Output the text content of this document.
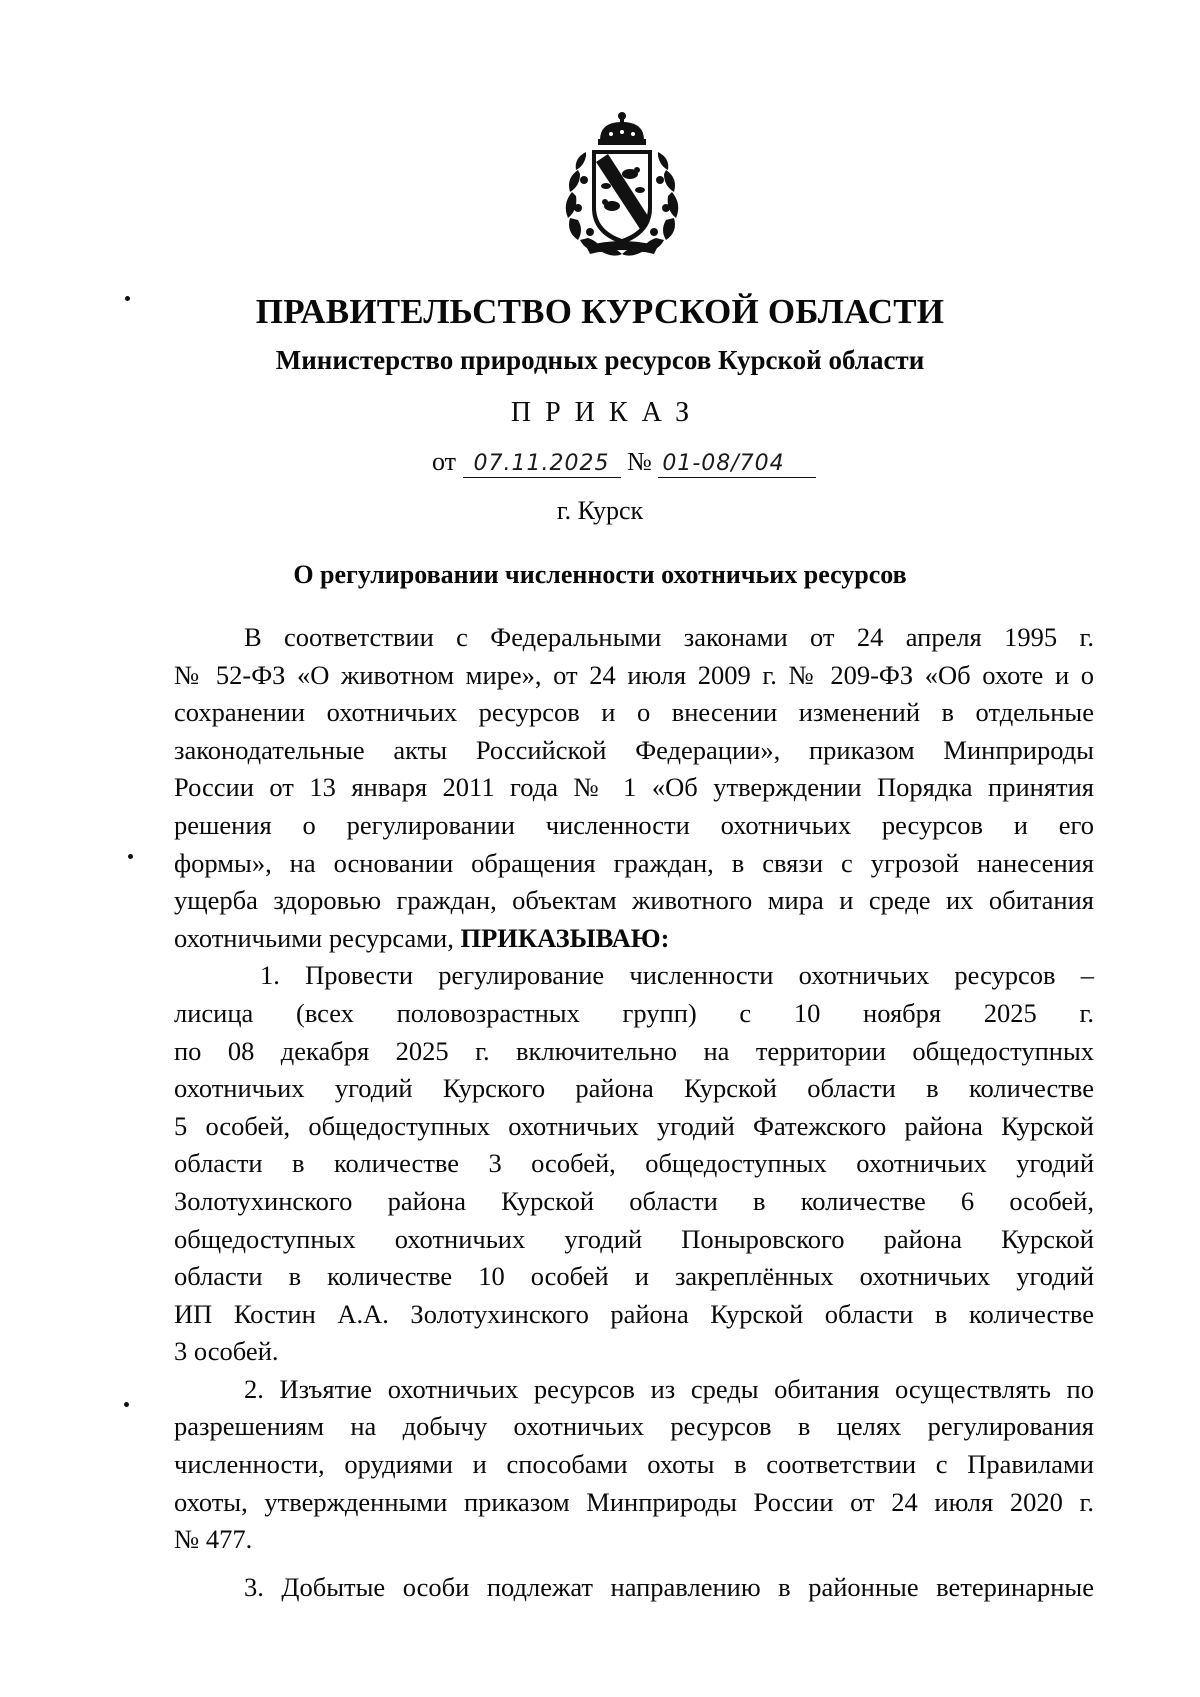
ПРАВИТЕЛЬСТВО КУРСКОЙ ОБЛАСТИ
Министерство природных ресурсов Курской области
ПРИКАЗ
от 07.11.2025 № 01-08/704
г. Курск
О регулировании численности охотничьих ресурсов
В соответствии с Федеральными законами от 24 апреля 1995 г.
№ 52-ФЗ «О животном мире», от 24 июля 2009 г. № 209-ФЗ «Об охоте и о
сохранении охотничьих ресурсов и о внесении изменений в отдельные
законодательные акты Российской Федерации», приказом Минприроды
России от 13 января 2011 года № 1 «Об утверждении Порядка принятия
решения о регулировании численности охотничьих ресурсов и его
формы», на основании обращения граждан, в связи с угрозой нанесения
ущерба здоровью граждан, объектам животного мира и среде их обитания
охотничьими ресурсами, ПРИКАЗЫВАЮ:
1. Провести регулирование численности охотничьих ресурсов –
лисица (всех половозрастных групп) с 10 ноября 2025 г.
по 08 декабря 2025 г. включительно на территории общедоступных
охотничьих угодий Курского района Курской области в количестве
5 особей, общедоступных охотничьих угодий Фатежского района Курской
области в количестве 3 особей, общедоступных охотничьих угодий
Золотухинского района Курской области в количестве 6 особей,
общедоступных охотничьих угодий Поныровского района Курской
области в количестве 10 особей и закреплённых охотничьих угодий
ИП Костин А.А. Золотухинского района Курской области в количестве
3 особей.
2. Изъятие охотничьих ресурсов из среды обитания осуществлять по
разрешениям на добычу охотничьих ресурсов в целях регулирования
численности, орудиями и способами охоты в соответствии с Правилами
охоты, утвержденными приказом Минприроды России от 24 июля 2020 г.
№ 477.
3. Добытые особи подлежат направлению в районные ветеринарные
